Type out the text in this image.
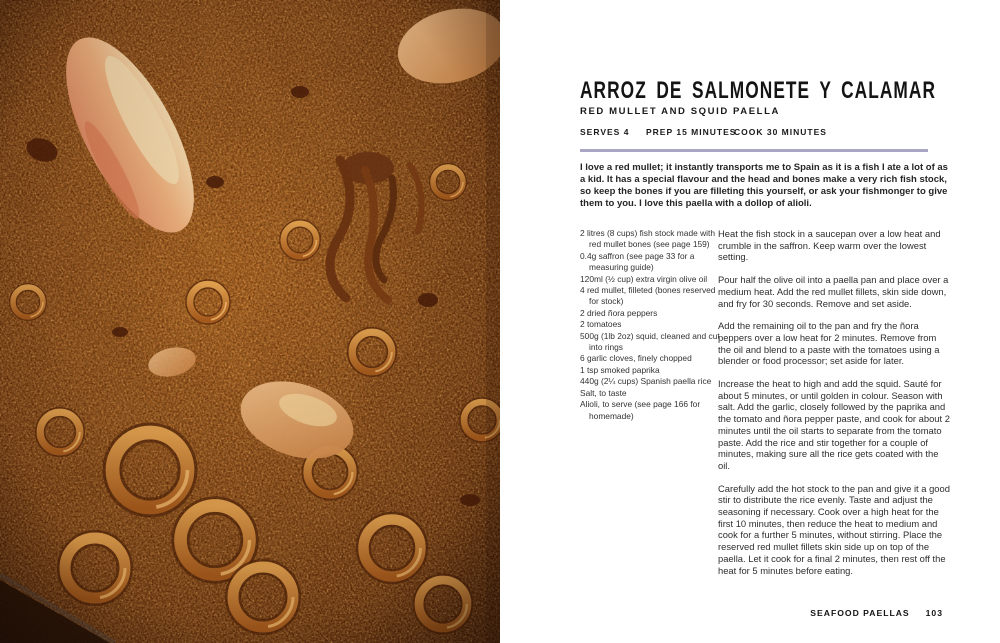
ARROZ DE SALMONETE Y CALAMAR
RED MULLET AND SQUID PAELLA
SERVES 4	PREP 15 MINUTES
COOK 30 MINUTES
I love a red mullet; it instantly transports me to Spain as it is a fish I ate a lot of as a kid. It has a special flavour and the head and bones make a very rich fish stock, so keep the bones if you are filleting this yourself, or ask your fishmonger to give them to you. I love this paella with a dollop of alioli.

2 litres (8 cups) fish stock made with red mullet bones (see page 159)

0.4g saffron (see page 33 for a measuring guide)

120ml (½ cup) extra virgin olive oil

4 red mullet, filleted (bones reserved for stock)

2 dried ñora peppers

2 tomatoes

500g (1lb 2oz) squid, cleaned and cut into rings

6 garlic cloves, finely chopped

1 tsp smoked paprika

440g (2¼ cups) Spanish paella rice

Salt, to taste

Alioli, to serve (see page 166 for homemade)

Heat the fish stock in a saucepan over a low heat and crumble in the saffron. Keep warm over the lowest setting.

Pour half the olive oil into a paella pan and place over a medium heat. Add the red mullet fillets, skin side down, and fry for 30 seconds. Remove and set aside.

Add the remaining oil to the pan and fry the ñora peppers over a low heat for 2 minutes. Remove from the oil and blend to a paste with the tomatoes using a blender or food processor; set aside for later.

Increase the heat to high and add the squid. Sauté for about 5 minutes, or until golden in colour. Season with salt. Add the garlic, closely followed by the paprika and the tomato and ñora pepper paste, and cook for about 2 minutes until the oil starts to separate from the tomato paste. Add the rice and stir together for a couple of minutes, making sure all the rice gets coated with the oil.

Carefully add the hot stock to the pan and give it a good stir to distribute the rice evenly. Taste and adjust the seasoning if necessary. Cook over a high heat for the first 10 minutes, then reduce the heat to medium and cook for a further 5 minutes, without stirring. Place the reserved red mullet fillets skin side up on top of the paella. Let it cook for a final 2 minutes, then rest off the heat for 5 minutes before eating.

SEAFOOD PAELLAS 103
